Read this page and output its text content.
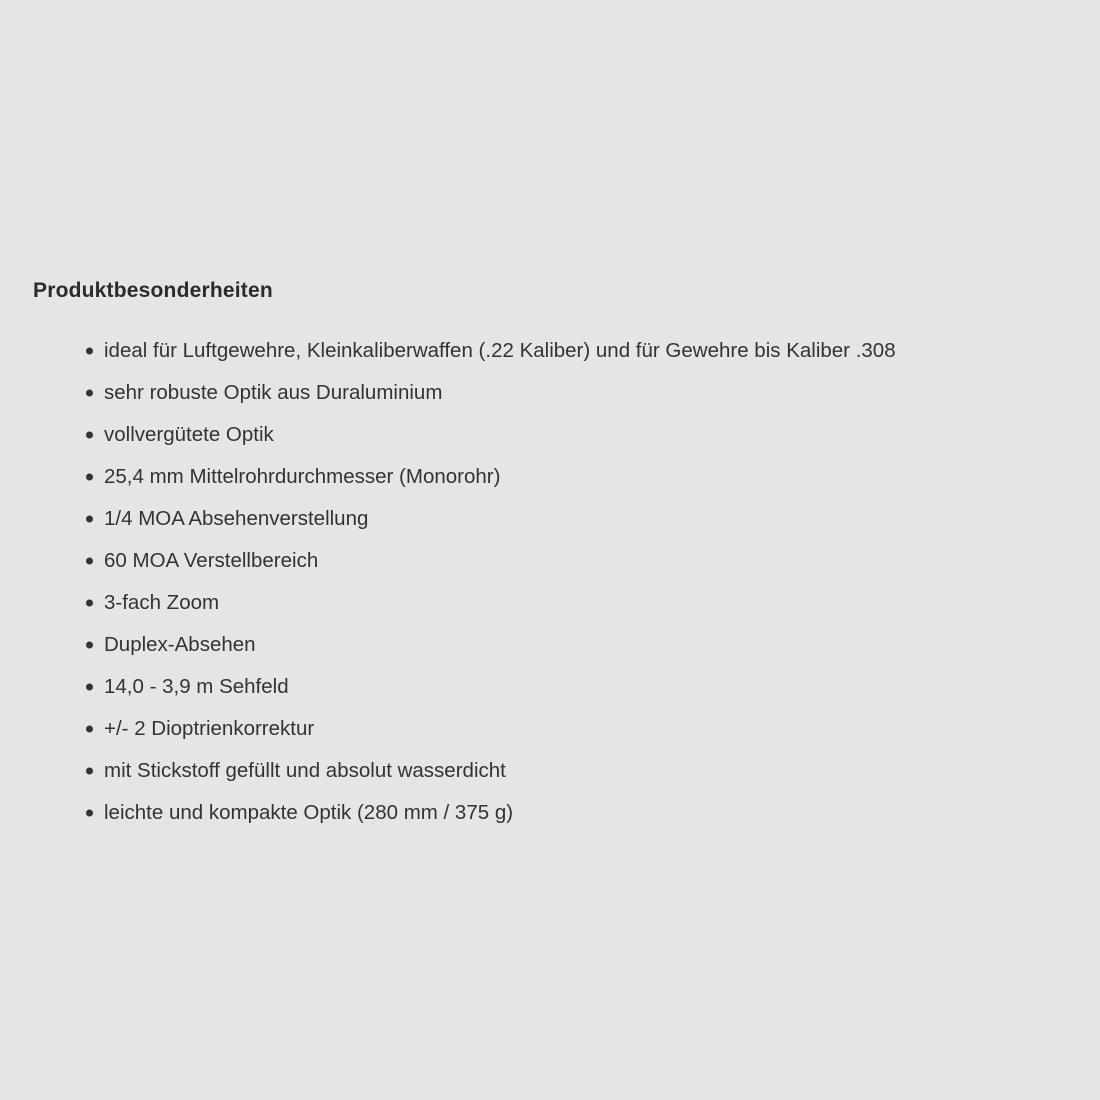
Produktbesonderheiten
ideal für Luftgewehre, Kleinkaliberwaffen (.22 Kaliber) und für Gewehre bis Kaliber .308
sehr robuste Optik aus Duraluminium
vollvergütete Optik
25,4 mm Mittelrohrdurchmesser (Monorohr)
1/4 MOA Absehenverstellung
60 MOA Verstellbereich
3-fach Zoom
Duplex-Absehen
14,0 - 3,9 m Sehfeld
+/- 2 Dioptrienkorrektur
mit Stickstoff gefüllt und absolut wasserdicht
leichte und kompakte Optik (280 mm / 375 g)
